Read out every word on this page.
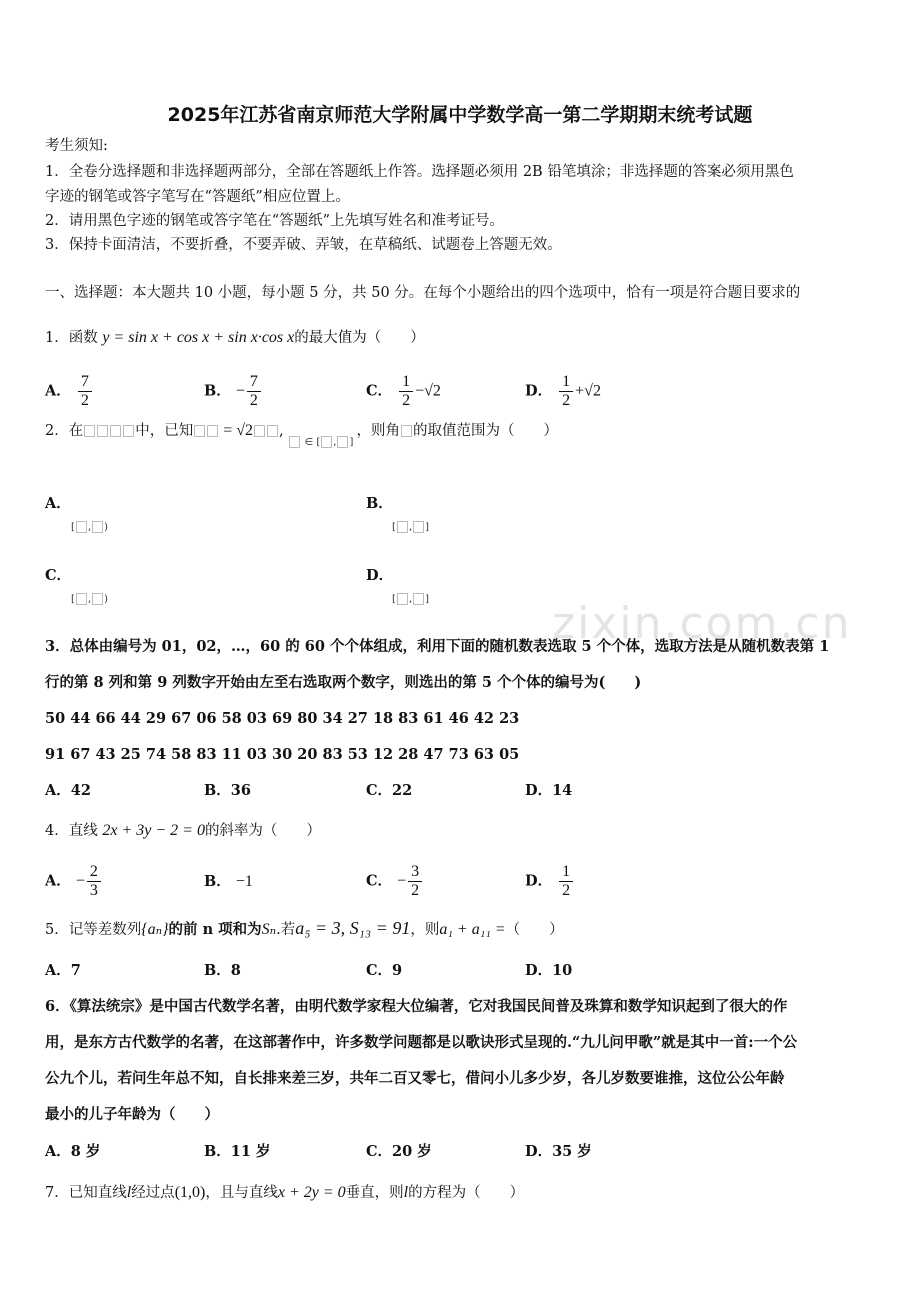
zixin.com.cn
2025年江苏省南京师范大学附属中学数学高一第二学期期末统考试题
考生须知:
1．全卷分选择题和非选择题两部分，全部在答题纸上作答。选择题必须用 2B 铅笔填涂；非选择题的答案必须用黑色
字迹的钢笔或答字笔写在“答题纸”相应位置上。
2．请用黑色字迹的钢笔或答字笔在“答题纸”上先填写姓名和准考证号。
3．保持卡面清洁，不要折叠，不要弄破、弄皱，在草稿纸、试题卷上答题无效。
一、选择题：本大题共 10 小题，每小题 5 分，共 50 分。在每个小题给出的四个选项中，恰有一项是符合题目要求的
1．函数 y = sin x + cos x + sin x·cos x的最大值为（　　）
A． $\frac{7}{2}$	B． − $\frac{7}{2}$	C． $\frac{1}{2} -√2$	D． $\frac{1}{2} +√2$
2．在	中，已知 = √2 ,  $_{\in [ , ]}$ ，则角 的取值范围为（　　）
A．
[ , )
B．
[ , ]
C．
[ , )
D．
[ , ]
3．总体由编号为 01，02，…，60 的 60 个个体组成，利用下面的随机数表选取 5 个个体，选取方法是从随机数表第 1
行的第 8 列和第 9 列数字开始由左至右选取两个数字，则选出的第 5 个个体的编号为(　　)
50 44 66 44 29 67 06 58 03 69 80 34 27 18 83 61 46 42 23
91 67 43 25 74 58 83 11 03 30 20 83 53 12 28 47 73 63 05
A．42	B．36	C．22	D．14
4．直线 2x + 3y − 2 = 0的斜率为（　　）
A． − $\frac{2}{3}$	B． −1	C． − $\frac{3}{2}$	D． $\frac{1}{2}$
5．记等差数列{aₙ}的前 n 项和为Sₙ.若a₅ = 3, S₁₃ = 91，则a₁ + a₁₁ =（　　）
A．7	B．8	C．9	D．10
6．《算法统宗》是中国古代数学名著，由明代数学家程大位编著，它对我国民间普及珠算和数学知识起到了很大的作
用，是东方古代数学的名著，在这部著作中，许多数学问题都是以歌诀形式呈现的.“九儿问甲歌”就是其中一首:一个公
公九个儿，若问生年总不知，自长排来差三岁，共年二百又零七，借问小儿多少岁，各儿岁数要谁推，这位公公年龄
最小的儿子年龄为（　　）
A．8 岁	B．11 岁	C．20 岁	D．35 岁
7．已知直线l经过点(1,0)，且与直线x + 2y = 0垂直，则l的方程为（　　）
